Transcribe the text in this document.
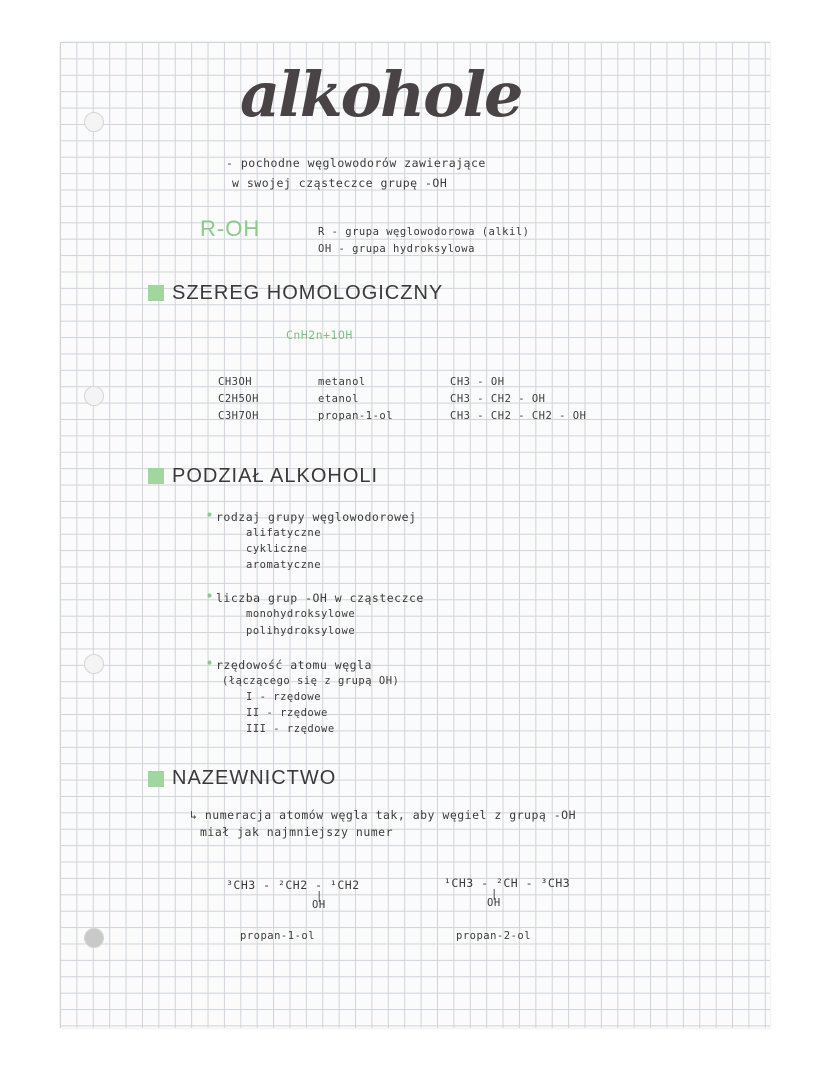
alkohole
- pochodne węglowodorów zawierające
w swojej cząsteczce grupę -OH
R-OH	R - grupa węglowodorowa (alkil)
OH - grupa hydroksylowa
SZEREG HOMOLOGICZNY
CnH2n+1OH
CH3OH	metanol	CH3 - OH
C2H5OH	etanol	CH3 - CH2 - OH
C3H7OH	propan-1-ol	CH3 - CH2 - CH2 - OH
PODZIAŁ ALKOHOLI
• rodzaj grupy węglowodorowej
alifatyczne
cykliczne
aromatyczne
• liczba grup -OH w cząsteczce
monohydroksylowe
polihydroksylowe
• rzędowość atomu węgla
(łączącego się z grupą OH)
I - rzędowe
II - rzędowe
III - rzędowe
NAZEWNICTWO
↳ numeracja atomów węgla tak, aby węgiel z grupą -OH
miał jak najmniejszy numer
³CH3 - ²CH2 - ¹CH2
|
OH
propan-1-ol
¹CH3 - ²CH - ³CH3
|
OH
propan-2-ol
